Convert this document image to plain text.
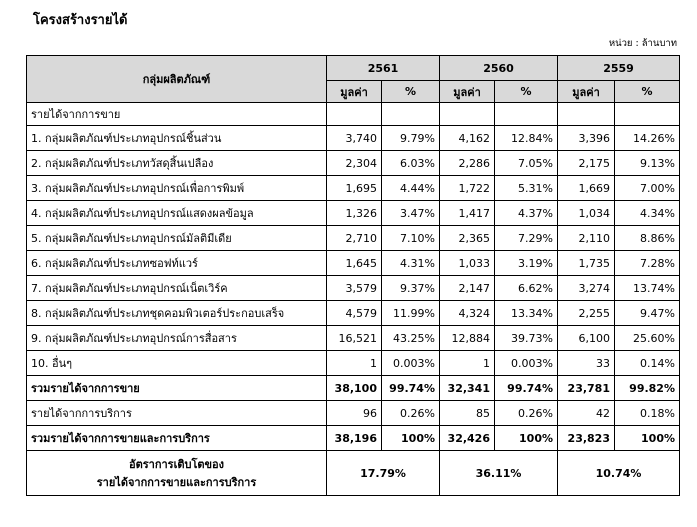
โครงสร้างรายได้
หน่วย : ล้านบาท
กลุ่มผลิตภัณฑ์	2561		2560		2559	
	มูลค่า	%	มูลค่า	%	มูลค่า	%
รายได้จากการขาย						
1. กลุ่มผลิตภัณฑ์ประเภทอุปกรณ์ชิ้นส่วน	3,740	9.79%	4,162	12.84%	3,396	14.26%
2. กลุ่มผลิตภัณฑ์ประเภทวัสดุสิ้นเปลือง	2,304	6.03%	2,286	7.05%	2,175	9.13%
3. กลุ่มผลิตภัณฑ์ประเภทอุปกรณ์เพื่อการพิมพ์	1,695	4.44%	1,722	5.31%	1,669	7.00%
4. กลุ่มผลิตภัณฑ์ประเภทอุปกรณ์แสดงผลข้อมูล	1,326	3.47%	1,417	4.37%	1,034	4.34%
5. กลุ่มผลิตภัณฑ์ประเภทอุปกรณ์มัลติมีเดีย	2,710	7.10%	2,365	7.29%	2,110	8.86%
6. กลุ่มผลิตภัณฑ์ประเภทซอฟท์แวร์	1,645	4.31%	1,033	3.19%	1,735	7.28%
7. กลุ่มผลิตภัณฑ์ประเภทอุปกรณ์เน็ตเวิร์ค	3,579	9.37%	2,147	6.62%	3,274	13.74%
8. กลุ่มผลิตภัณฑ์ประเภทชุดคอมพิวเตอร์ประกอบเสร็จ	4,579	11.99%	4,324	13.34%	2,255	9.47%
9. กลุ่มผลิตภัณฑ์ประเภทอุปกรณ์การสื่อสาร	16,521	43.25%	12,884	39.73%	6,100	25.60%
10. อื่นๆ	1	0.003%	1	0.003%	33	0.14%
รวมรายได้จากการขาย	38,100	99.74%	32,341	99.74%	23,781	99.82%
รายได้จากการบริการ	96	0.26%	85	0.26%	42	0.18%
รวมรายได้จากการขายและการบริการ	38,196	100%	32,426	100%	23,823	100%

อัตราการเติบโตของ
รายได้จากการขายและการบริการ	17.79%		36.11%		10.74%	
